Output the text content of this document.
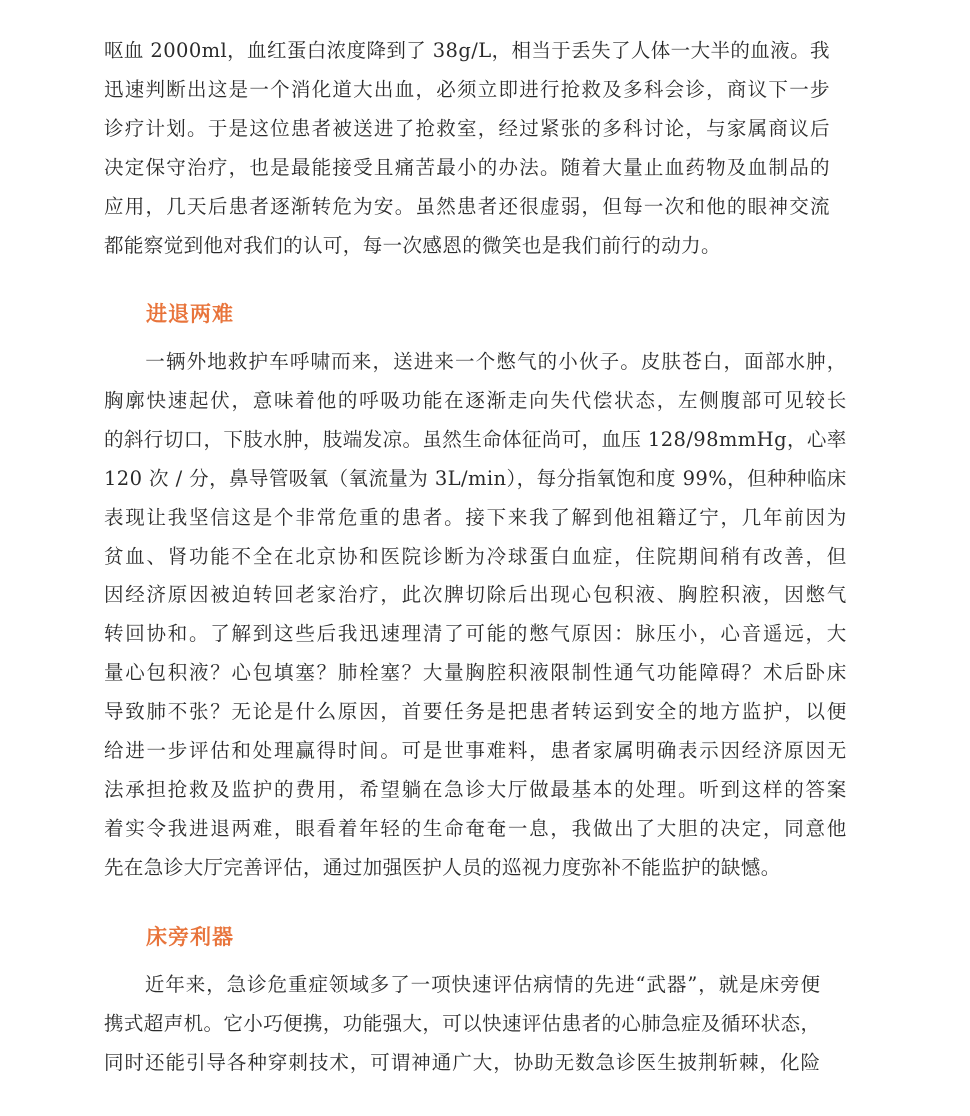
呕血 2000ml，血红蛋白浓度降到了 38g/L，相当于丢失了人体一大半的血液。我
迅速判断出这是一个消化道大出血，必须立即进行抢救及多科会诊，商议下一步
诊疗计划。于是这位患者被送进了抢救室，经过紧张的多科讨论，与家属商议后
决定保守治疗，也是最能接受且痛苦最小的办法。随着大量止血药物及血制品的
应用，几天后患者逐渐转危为安。虽然患者还很虚弱，但每一次和他的眼神交流
都能察觉到他对我们的认可，每一次感恩的微笑也是我们前行的动力。
进退两难
　　一辆外地救护车呼啸而来，送进来一个憋气的小伙子。皮肤苍白，面部水肿，
胸廓快速起伏，意味着他的呼吸功能在逐渐走向失代偿状态，左侧腹部可见较长
的斜行切口，下肢水肿，肢端发凉。虽然生命体征尚可，血压 128/98mmHg，心率
120 次 / 分，鼻导管吸氧（氧流量为 3L/min），每分指氧饱和度 99%，但种种临床
表现让我坚信这是个非常危重的患者。接下来我了解到他祖籍辽宁，几年前因为
贫血、肾功能不全在北京协和医院诊断为冷球蛋白血症，住院期间稍有改善，但
因经济原因被迫转回老家治疗，此次脾切除后出现心包积液、胸腔积液，因憋气
转回协和。了解到这些后我迅速理清了可能的憋气原因：脉压小，心音遥远，大
量心包积液？心包填塞？肺栓塞？大量胸腔积液限制性通气功能障碍？术后卧床
导致肺不张？无论是什么原因，首要任务是把患者转运到安全的地方监护，以便
给进一步评估和处理赢得时间。可是世事难料，患者家属明确表示因经济原因无
法承担抢救及监护的费用，希望躺在急诊大厅做最基本的处理。听到这样的答案
着实令我进退两难，眼看着年轻的生命奄奄一息，我做出了大胆的决定，同意他
先在急诊大厅完善评估，通过加强医护人员的巡视力度弥补不能监护的缺憾。
床旁利器
　　近年来，急诊危重症领域多了一项快速评估病情的先进“武器”，就是床旁便
携式超声机。它小巧便携，功能强大，可以快速评估患者的心肺急症及循环状态，
同时还能引导各种穿刺技术，可谓神通广大，协助无数急诊医生披荆斩棘，化险
